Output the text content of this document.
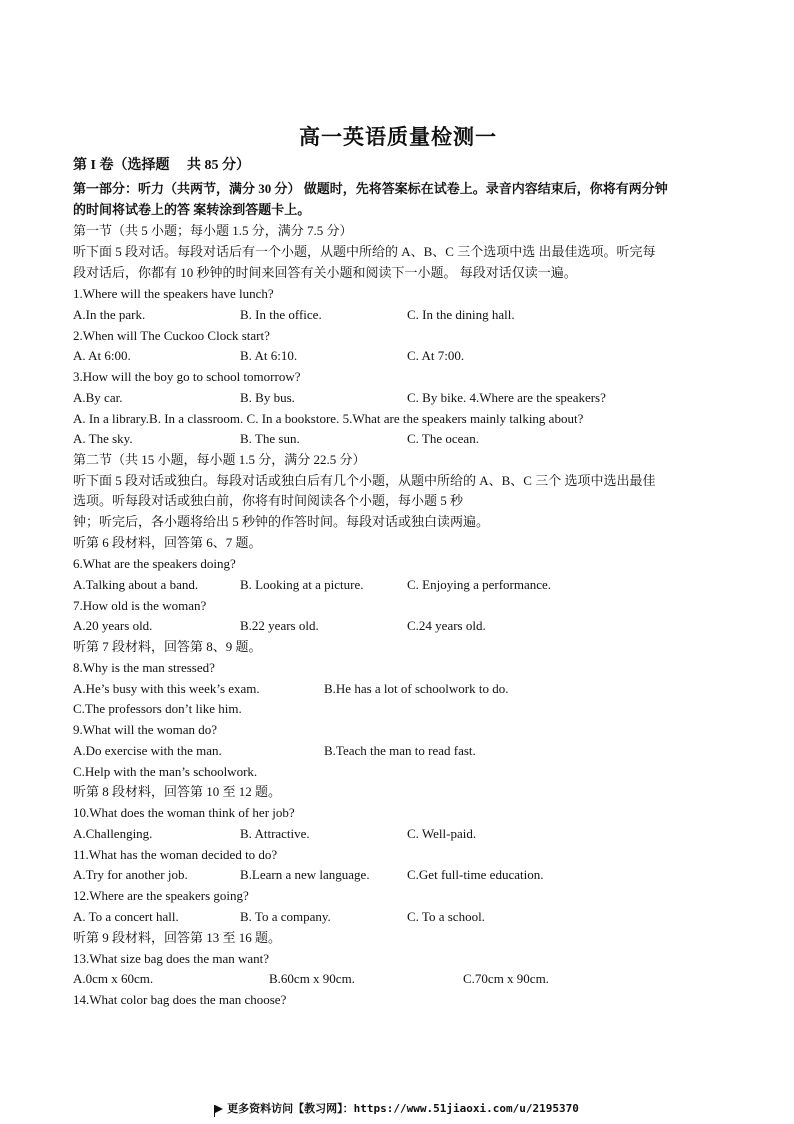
高一英语质量检测一
第 I 卷（选择题　 共 85 分）
第一部分：听力（共两节，满分 30 分） 做题时，先将答案标在试卷上。录音内容结束后，你将有两分钟
的时间将试卷上的答 案转涂到答题卡上。
第一节（共 5 小题；每小题 1.5 分，满分 7.5 分）
听下面 5 段对话。每段对话后有一个小题，从题中所给的 A、B、C 三个选项中选 出最佳选项。听完每
段对话后，你都有 10 秒钟的时间来回答有关小题和阅读下一小题。 每段对话仅读一遍。
1.Where will the speakers have lunch?
A.In the park.	B. In the office.	C. In the dining hall.
2.When will The Cuckoo Clock start?
A. At 6:00.	B. At 6:10.	C. At 7:00.
3.How will the boy go to school tomorrow?
A.By car.	B. By bus.	C. By bike. 4.Where are the speakers?
A. In a library.B. In a classroom. C. In a bookstore. 5.What are the speakers mainly talking about?
A. The sky.	B. The sun.	C. The ocean.
第二节（共 15 小题，每小题 1.5 分，满分 22.5 分）
听下面 5 段对话或独白。每段对话或独白后有几个小题，从题中所给的 A、B、C 三个 选项中选出最佳
选项。听每段对话或独白前，你将有时间阅读各个小题，每小题 5 秒
钟；听完后，各小题将给出 5 秒钟的作答时间。每段对话或独白读两遍。
听第 6 段材料，回答第 6、7 题。
6.What are the speakers doing?
A.Talking about a band.	B. Looking at a picture.	C. Enjoying a performance.
7.How old is the woman?
A.20 years old.	B.22 years old.	C.24 years old.
听第 7 段材料，回答第 8、9 题。
8.Why is the man stressed?
A.He’s busy with this week’s exam.	B.He has a lot of schoolwork to do.
C.The professors don’t like him.
9.What will the woman do?
A.Do exercise with the man.	B.Teach the man to read fast.
C.Help with the man’s schoolwork.
听第 8 段材料，回答第 10 至 12 题。
10.What does the woman think of her job?
A.Challenging.	B. Attractive.	C. Well-paid.
11.What has the woman decided to do?
A.Try for another job.	B.Learn a new language.	C.Get full-time education.
12.Where are the speakers going?
A. To a concert hall.	B. To a company.	C. To a school.
听第 9 段材料，回答第 13 至 16 题。
13.What size bag does the man want?
A.0cm x 60cm.	B.60cm x 90cm.	C.70cm x 90cm.
14.What color bag does the man choose?
更多资料访问【教习网】：https://www.51jiaoxi.com/u/2195370
